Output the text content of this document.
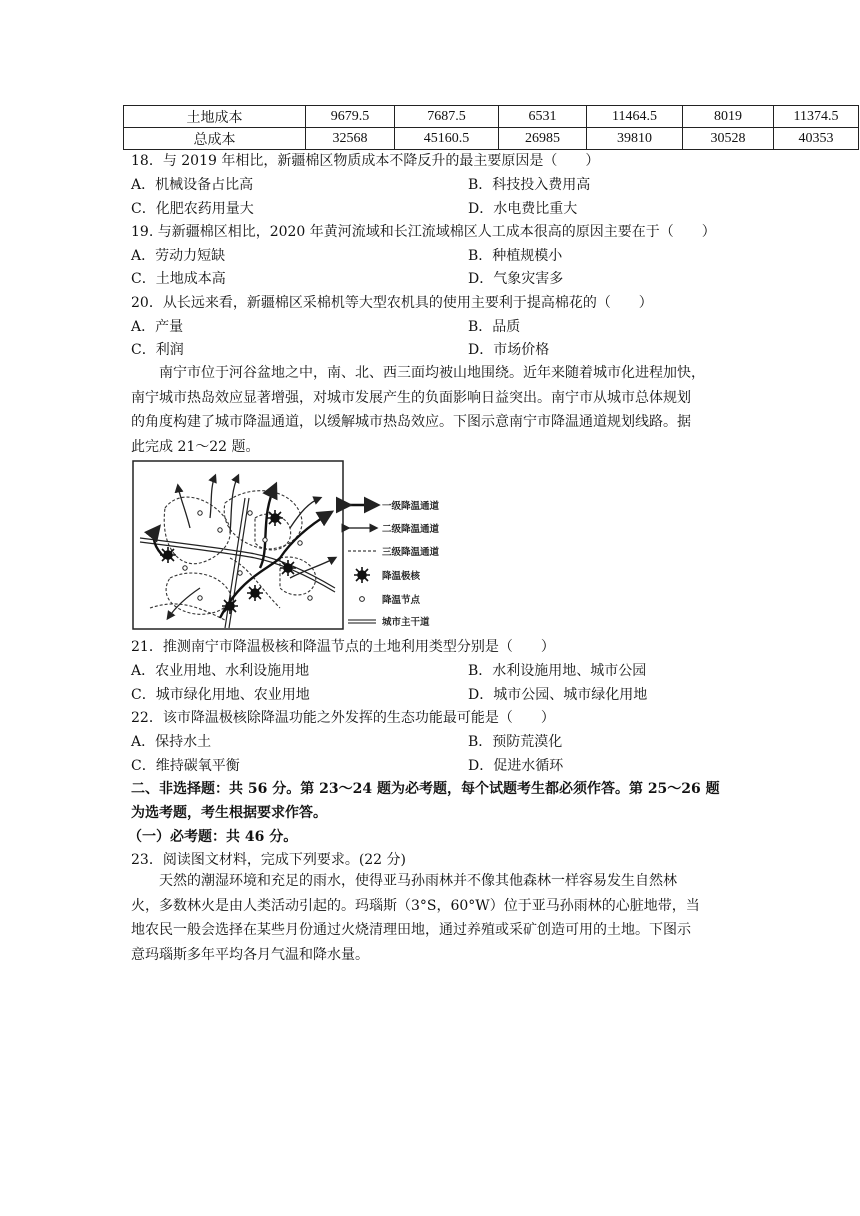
土地成本	9679.5	7687.5	6531	11464.5	8019	11374.5
总成本	32568	45160.5	26985	39810	30528	40353
18．与 2019 年相比，新疆棉区物质成本不降反升的最主要原因是（　　）
A．机械设备占比高	B．科技投入费用高
C．化肥农药用量大	D．水电费比重大
19. 与新疆棉区相比，2020 年黄河流域和长江流域棉区人工成本很高的原因主要在于（　　）
A．劳动力短缺	B．种植规模小
C．土地成本高	D．气象灾害多
20．从长远来看，新疆棉区采棉机等大型农机具的使用主要利于提高棉花的（　　）
A．产量	B．品质
C．利润	D．市场价格
　　南宁市位于河谷盆地之中，南、北、西三面均被山地围绕。近年来随着城市化进程加快，
南宁城市热岛效应显著增强，对城市发展产生的负面影响日益突出。南宁市从城市总体规划
的角度构建了城市降温通道，以缓解城市热岛效应。下图示意南宁市降温通道规划线路。据
此完成 21～22 题。
一级降温通道
二级降温通道
三级降温通道
降温极核
降温节点
城市主干道
21．推测南宁市降温极核和降温节点的土地利用类型分别是（　　）
A．农业用地、水利设施用地	B．水利设施用地、城市公园
C．城市绿化用地、农业用地	D．城市公园、城市绿化用地
22．该市降温极核除降温功能之外发挥的生态功能最可能是（　　）
A．保持水土	B．预防荒漠化
C．维持碳氧平衡	D．促进水循环
二、非选择题：共 56 分。第 23～24 题为必考题，每个试题考生都必须作答。第 25～26 题
为选考题，考生根据要求作答。
（一）必考题：共 46 分。
23．阅读图文材料，完成下列要求。(22 分)
　　天然的潮湿环境和充足的雨水，使得亚马孙雨林并不像其他森林一样容易发生自然林
火，多数林火是由人类活动引起的。玛瑙斯（3°S，60°W）位于亚马孙雨林的心脏地带，当
地农民一般会选择在某些月份通过火烧清理田地，通过养殖或采矿创造可用的土地。下图示
意玛瑙斯多年平均各月气温和降水量。
